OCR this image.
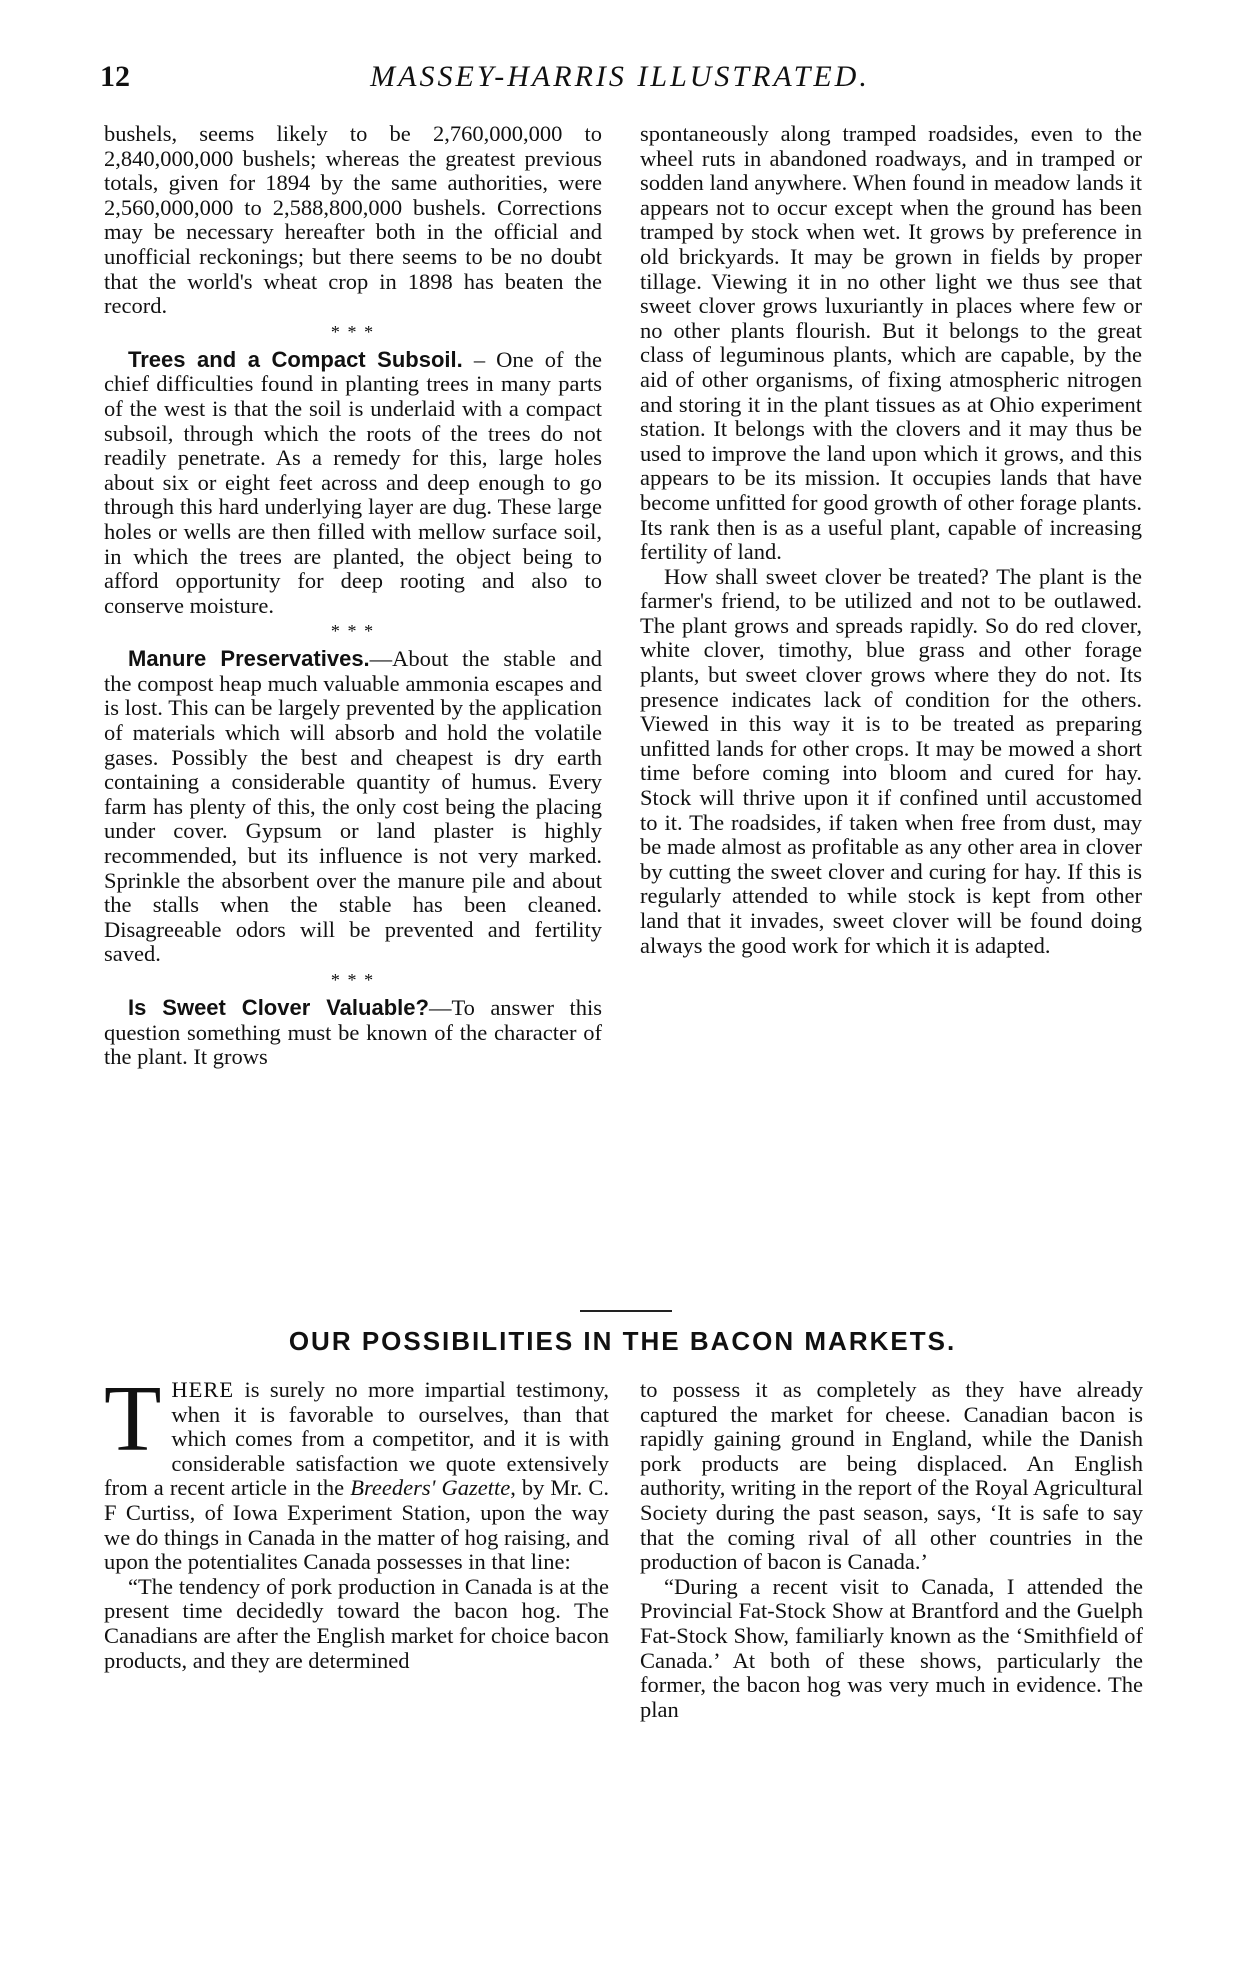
12	MASSEY-HARRIS ILLUSTRATED.

bushels, seems likely to be 2,760,000,000 to 2,840,000,000 bushels; whereas the greatest previous totals, given for 1894 by the same authorities, were 2,560,000,000 to 2,588,800,000 bushels. Corrections may be necessary hereafter both in the official and unofficial reckonings; but there seems to be no doubt that the world's wheat crop in 1898 has beaten the record.

* * *

Trees and a Compact Subsoil. – One of the chief difficulties found in planting trees in many parts of the west is that the soil is underlaid with a compact subsoil, through which the roots of the trees do not readily penetrate. As a remedy for this, large holes about six or eight feet across and deep enough to go through this hard underlying layer are dug. These large holes or wells are then filled with mellow surface soil, in which the trees are planted, the object being to afford opportunity for deep rooting and also to conserve moisture.

* * *

Manure Preservatives.—About the stable and the compost heap much valuable ammonia escapes and is lost. This can be largely prevented by the application of materials which will absorb and hold the volatile gases. Possibly the best and cheapest is dry earth containing a considerable quantity of humus. Every farm has plenty of this, the only cost being the placing under cover. Gypsum or land plaster is highly recommended, but its influence is not very marked. Sprinkle the absorbent over the manure pile and about the stalls when the stable has been cleaned. Disagreeable odors will be prevented and fertility saved.

* * *

Is Sweet Clover Valuable?—To answer this question something must be known of the character of the plant. It grows

spontaneously along tramped roadsides, even to the wheel ruts in abandoned roadways, and in tramped or sodden land anywhere. When found in meadow lands it appears not to occur except when the ground has been tramped by stock when wet. It grows by preference in old brickyards. It may be grown in fields by proper tillage. Viewing it in no other light we thus see that sweet clover grows luxuriantly in places where few or no other plants flourish. But it belongs to the great class of leguminous plants, which are capable, by the aid of other organisms, of fixing atmospheric nitrogen and storing it in the plant tissues as at Ohio experiment station. It belongs with the clovers and it may thus be used to improve the land upon which it grows, and this appears to be its mission. It occupies lands that have become unfitted for good growth of other forage plants. Its rank then is as a useful plant, capable of increasing fertility of land.

How shall sweet clover be treated? The plant is the farmer's friend, to be utilized and not to be outlawed. The plant grows and spreads rapidly. So do red clover, white clover, timothy, blue grass and other forage plants, but sweet clover grows where they do not. Its presence indicates lack of condition for the others. Viewed in this way it is to be treated as preparing unfitted lands for other crops. It may be mowed a short time before coming into bloom and cured for hay. Stock will thrive upon it if confined until accustomed to it. The roadsides, if taken when free from dust, may be made almost as profitable as any other area in clover by cutting the sweet clover and curing for hay. If this is regularly attended to while stock is kept from other land that it invades, sweet clover will be found doing always the good work for which it is adapted.

OUR POSSIBILITIES IN THE BACON MARKETS.

THERE is surely no more impartial testimony, when it is favorable to ourselves, than that which comes from a competitor, and it is with considerable satisfaction we quote extensively from a recent article in the Breeders' Gazette, by Mr. C. F Curtiss, of Iowa Experiment Station, upon the way we do things in Canada in the matter of hog raising, and upon the potentialites Canada possesses in that line:

“The tendency of pork production in Canada is at the present time decidedly toward the bacon hog. The Canadians are after the English market for choice bacon products, and they are determined

to possess it as completely as they have already captured the market for cheese. Canadian bacon is rapidly gaining ground in England, while the Danish pork products are being displaced. An English authority, writing in the report of the Royal Agricultural Society during the past season, says, ‘It is safe to say that the coming rival of all other countries in the production of bacon is Canada.’

“During a recent visit to Canada, I attended the Provincial Fat-Stock Show at Brantford and the Guelph Fat-Stock Show, familiarly known as the ‘Smithfield of Canada.’ At both of these shows, particularly the former, the bacon hog was very much in evidence. The plan
